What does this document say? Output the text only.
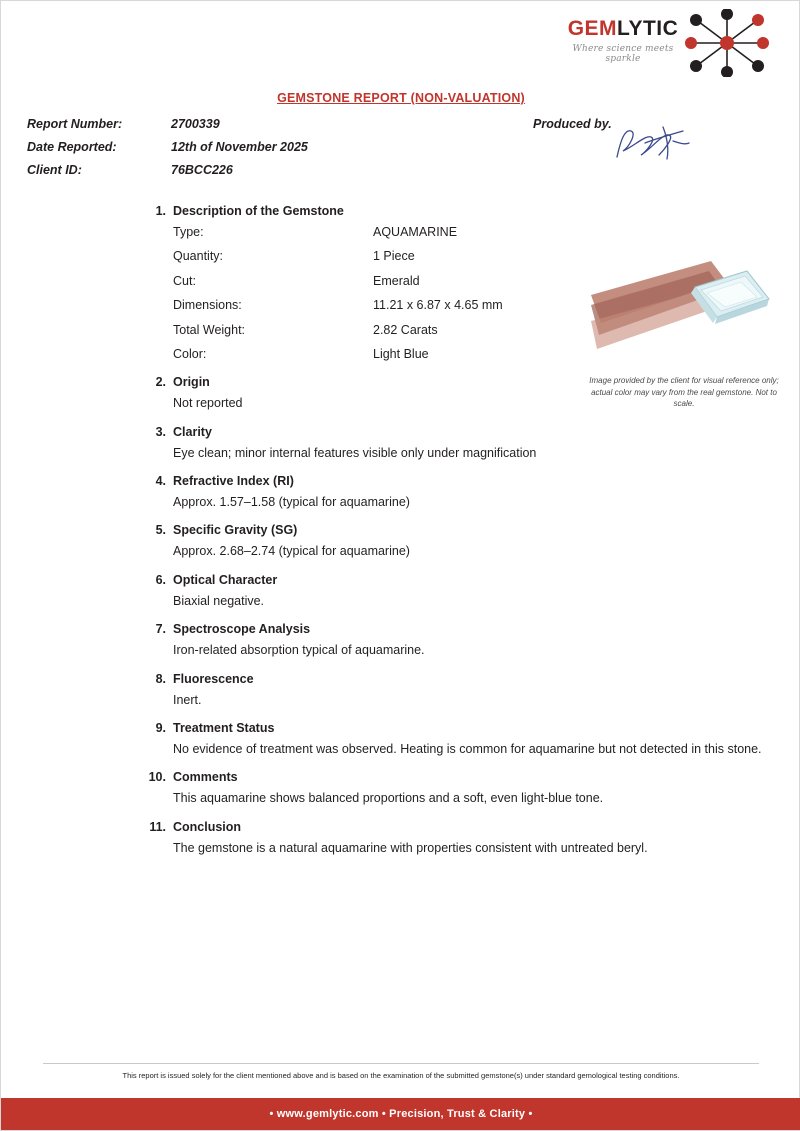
GEMLYTIC
Where science meets sparkle
GEMSTONE REPORT (NON-VALUATION)
Report Number:	2700339
Date Reported:	12th of November 2025
Client ID:	76BCC226
Produced by.
Image provided by the client for visual reference only; actual color may vary from the real gemstone. Not to scale.
1. Description of the Gemstone
Type:	AQUAMARINE
Quantity:	1 Piece
Cut:	Emerald
Dimensions:	11.21 x 6.87 x 4.65 mm
Total Weight:	2.82 Carats
Color:	Light Blue
2. Origin
Not reported
3. Clarity
Eye clean; minor internal features visible only under magnification
4. Refractive Index (RI)
Approx. 1.57–1.58 (typical for aquamarine)
5. Specific Gravity (SG)
Approx. 2.68–2.74 (typical for aquamarine)
6. Optical Character
Biaxial negative.
7. Spectroscope Analysis
Iron-related absorption typical of aquamarine.
8. Fluorescence
Inert.
9. Treatment Status
No evidence of treatment was observed. Heating is common for aquamarine but not detected in this stone.
10. Comments
This aquamarine shows balanced proportions and a soft, even light-blue tone.
11. Conclusion
The gemstone is a natural aquamarine with properties consistent with untreated beryl.
This report is issued solely for the client mentioned above and is based on the examination of the submitted gemstone(s) under standard gemological testing conditions.
• www.gemlytic.com • Precision, Trust & Clarity •
